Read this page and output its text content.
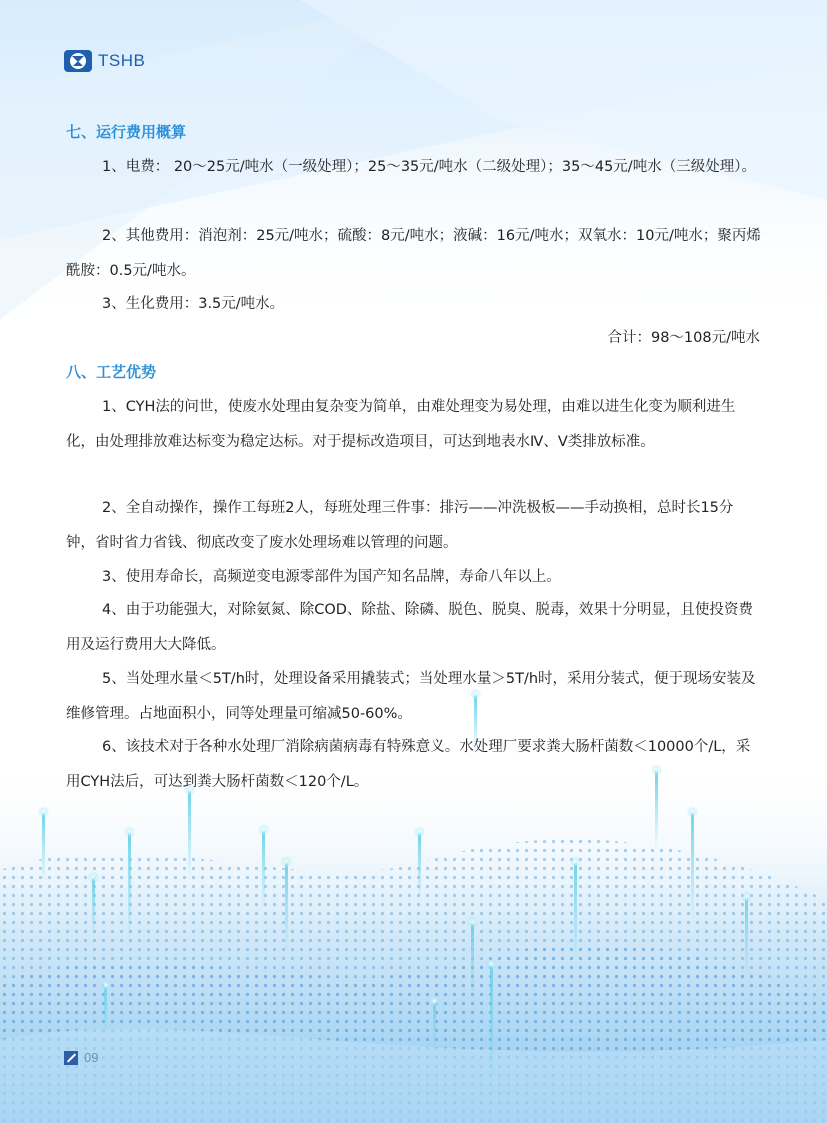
TSHB
七、运行费用概算
1、电费： 20～25元/吨水（一级处理）；25～35元/吨水（二级处理）；35～45元/吨水（三级处理）。
2、其他费用：消泡剂：25元/吨水；硫酸：8元/吨水；液碱：16元/吨水；双氧水：10元/吨水；聚丙烯酰胺：0.5元/吨水。
3、生化费用：3.5元/吨水。
合计：98～108元/吨水
八、工艺优势
1、CYH法的问世，使废水处理由复杂变为简单，由难处理变为易处理，由难以进生化变为顺利进生化，由处理排放难达标变为稳定达标。对于提标改造项目，可达到地表水Ⅳ、Ⅴ类排放标准。
2、全自动操作，操作工每班2人，每班处理三件事：排污——冲洗极板——手动换相，总时长15分钟，省时省力省钱、彻底改变了废水处理场难以管理的问题。
3、使用寿命长，高频逆变电源零部件为国产知名品牌，寿命八年以上。
4、由于功能强大，对除氨氮、除COD、除盐、除磷、脱色、脱臭、脱毒，效果十分明显，且使投资费用及运行费用大大降低。
5、当处理水量＜5T/h时，处理设备采用撬装式；当处理水量＞5T/h时，采用分装式，便于现场安装及维修管理。占地面积小，同等处理量可缩减50-60%。
6、该技术对于各种水处理厂消除病菌病毒有特殊意义。水处理厂要求粪大肠杆菌数＜10000个/L，采用CYH法后，可达到粪大肠杆菌数＜120个/L。
09
